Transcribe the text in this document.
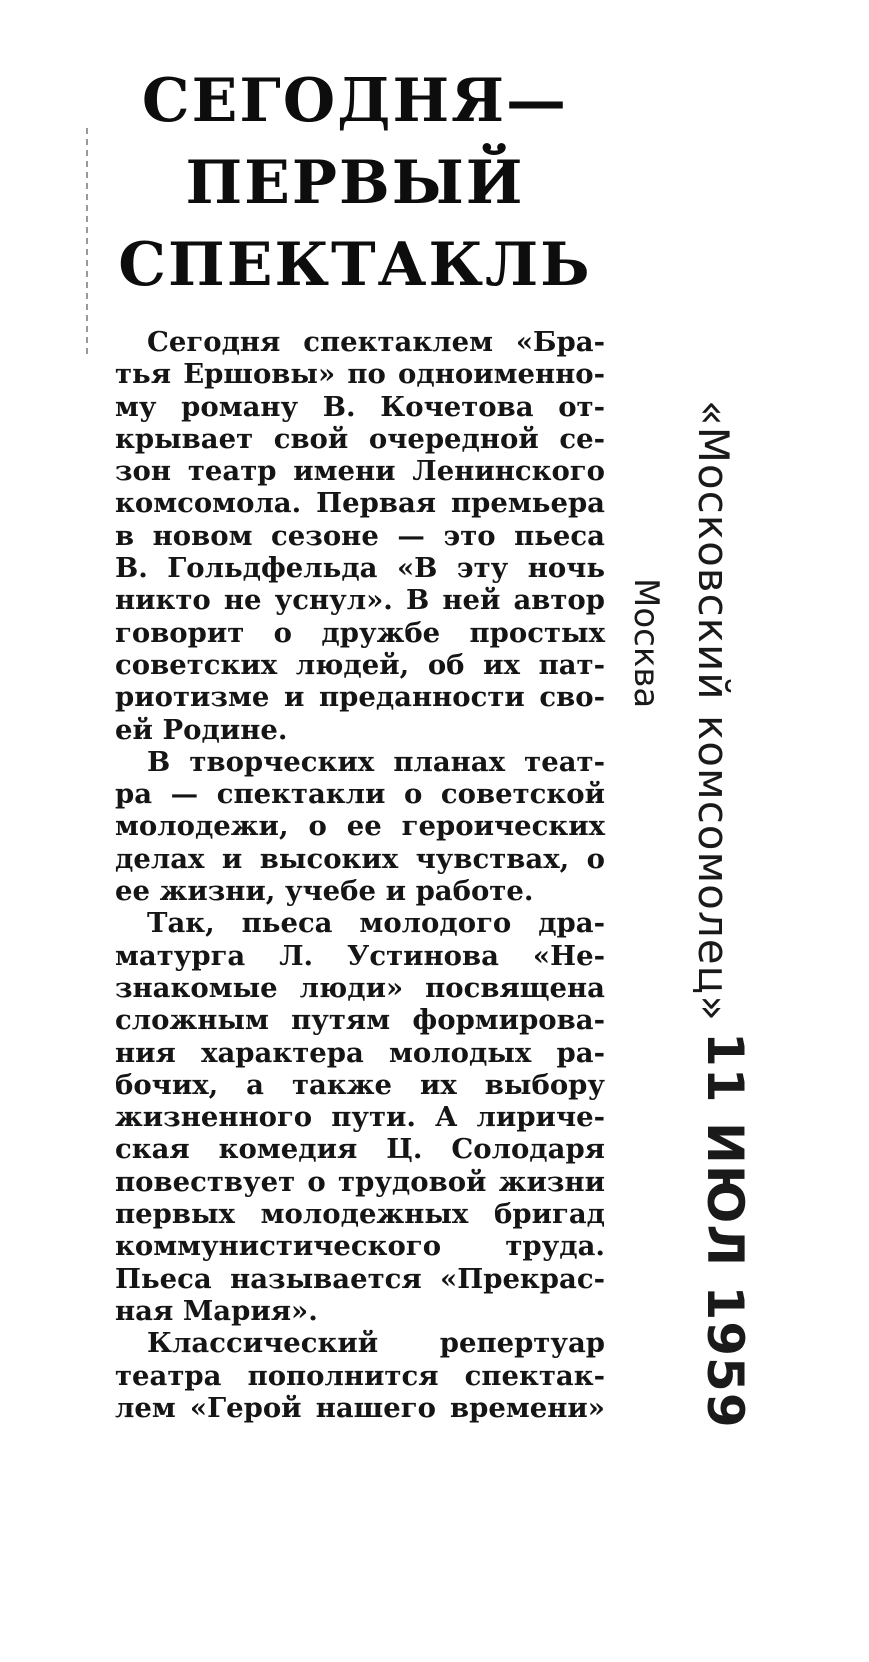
СЕГОДНЯ—
ПЕРВЫЙ
СПЕКТАКЛЬ

Сегодня спектаклем «Бра-
тья Ершовы» по одноименно-
му роману В. Кочетова от-
крывает свой очередной се-
зон театр имени Ленинского
комсомола. Первая премьера
в новом сезоне — это пьеса
В. Гольдфельда «В эту ночь
никто не уснул». В ней автор
говорит о дружбе простых
советских людей, об их пат-
риотизме и преданности сво-
ей Родине.

В творческих планах теат-
ра — спектакли о советской
молодежи, о ее героических
делах и высоких чувствах, о
ее жизни, учебе и работе.

Так, пьеса молодого дра-
матурга Л. Устинова «Не-
знакомые люди» посвящена
сложным путям формирова-
ния характера молодых ра-
бочих, а также их выбору
жизненного пути. А лириче-
ская комедия Ц. Солодаря
повествует о трудовой жизни
первых молодежных бригад
коммунистического труда.
Пьеса называется «Прекрас-
ная Мария».

Классический репертуар
театра пополнится спектак-
лем «Герой нашего времени»

«Московский комсомолец»
Москва
11 ИЮЛ 1959
